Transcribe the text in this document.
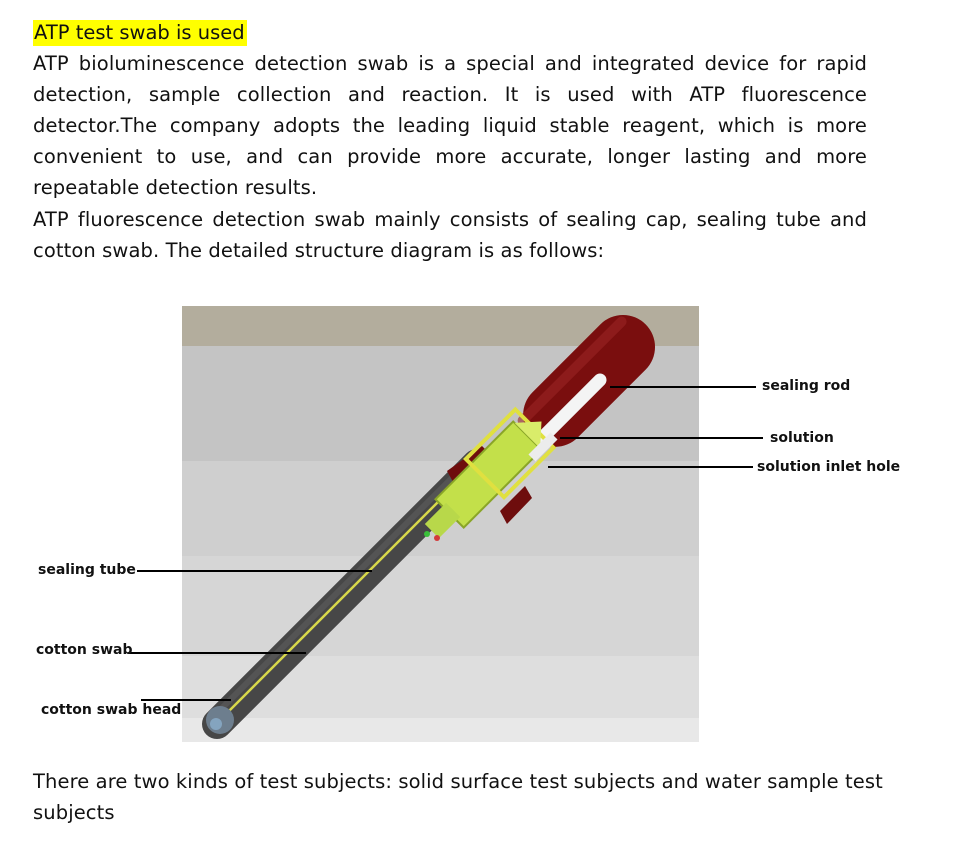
ATP test swab is used
ATP bioluminescence detection swab is a special and integrated device for rapid detection, sample collection and reaction. It is used with ATP fluorescence detector.The company adopts the leading liquid stable reagent, which is more convenient to use, and can provide more accurate, longer lasting and more repeatable detection results.
ATP fluorescence detection swab mainly consists of sealing cap, sealing tube and cotton swab. The detailed structure diagram is as follows:
sealing rod
solution
solution inlet hole
sealing tube
cotton swab
cotton swab head
There are two kinds of test subjects: solid surface test subjects and water sample test subjects
